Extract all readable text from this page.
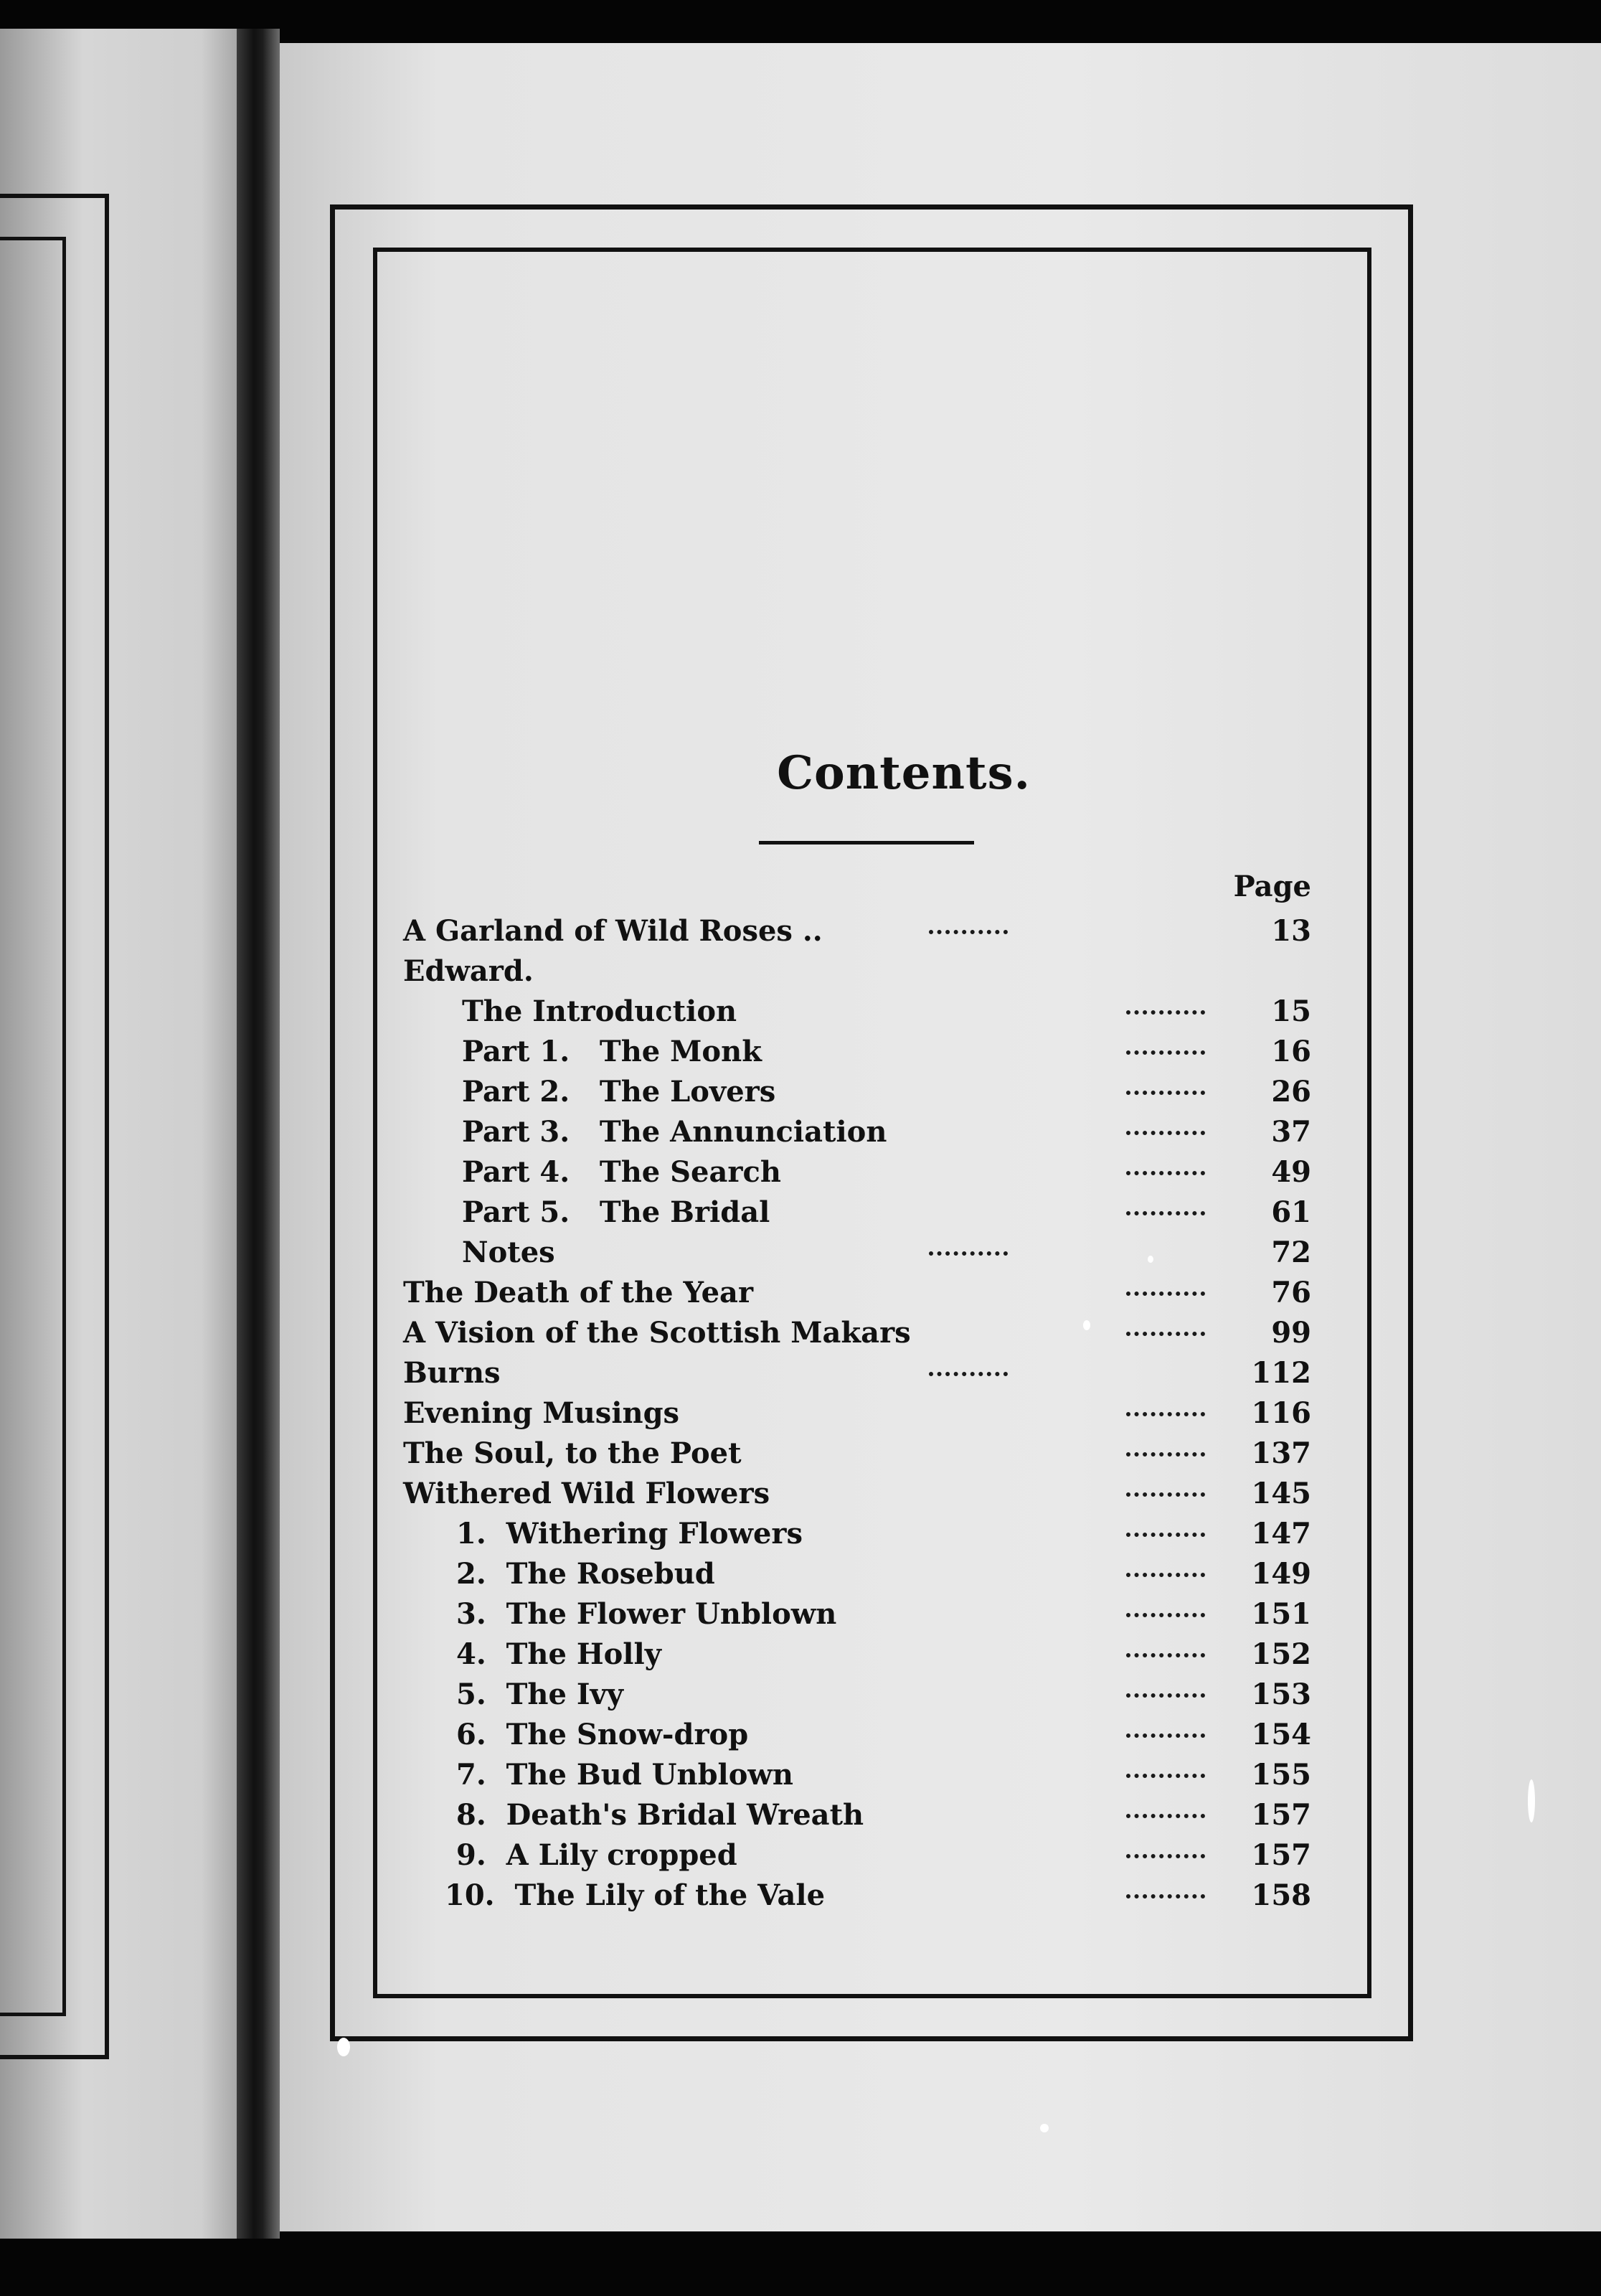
Contents.
Page
A Garland of Wild Roses ..	13
Edward.
The Introduction	15
Part 1.   The Monk	16
Part 2.   The Lovers	26
Part 3.   The Annunciation	37
Part 4.   The Search	49
Part 5.   The Bridal	61
Notes	72
The Death of the Year	76
A Vision of the Scottish Makars	99
Burns	112
Evening Musings	116
The Soul, to the Poet	137
Withered Wild Flowers	145
1.  Withering Flowers	147
2.  The Rosebud	149
3.  The Flower Unblown	151
4.  The Holly	152
5.  The Ivy	153
6.  The Snow-drop	154
7.  The Bud Unblown	155
8.  Death's Bridal Wreath	157
9.  A Lily cropped	157
10.  The Lily of the Vale	158
